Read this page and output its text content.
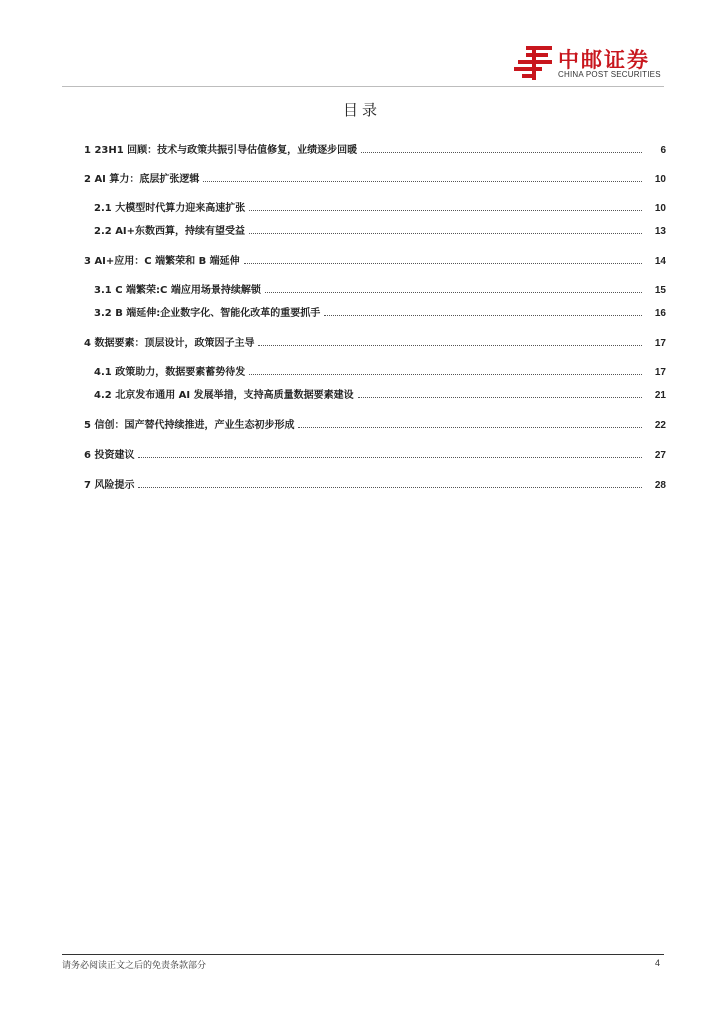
中邮证券
CHINA POST SECURITIES
目录
1 23H1 回顾：技术与政策共振引导估值修复，业绩逐步回暖	6
2 AI 算力：底层扩张逻辑	10
2.1 大模型时代算力迎来高速扩张	10
2.2 AI+东数西算，持续有望受益	13
3 AI+应用：C 端繁荣和 B 端延伸	14
3.1 C 端繁荣:C 端应用场景持续解锁	15
3.2 B 端延伸:企业数字化、智能化改革的重要抓手	16
4 数据要素：顶层设计，政策因子主导	17
4.1 政策助力，数据要素蓄势待发	17
4.2 北京发布通用 AI 发展举措，支持高质量数据要素建设	21
5 信创：国产替代持续推进，产业生态初步形成	22
6 投资建议	27
7 风险提示	28
请务必阅读正文之后的免责条款部分	4
